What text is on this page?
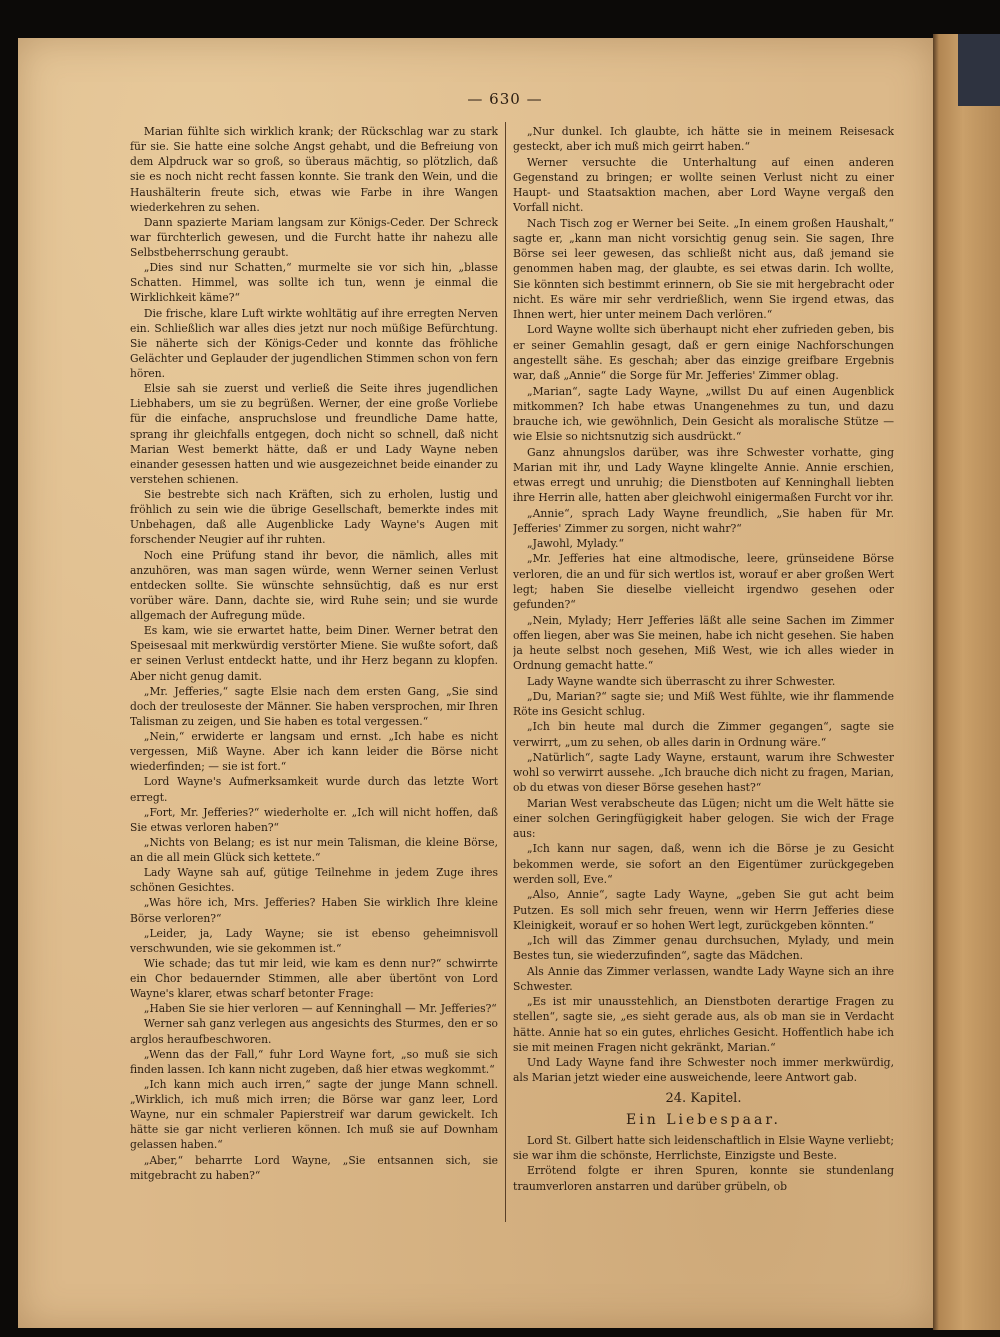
— 630 —

Marian fühlte sich wirklich krank; der Rückschlag war zu stark für sie. Sie hatte eine solche Angst gehabt, und die Befreiung von dem Alpdruck war so groß, so überaus mächtig, so plötzlich, daß sie es noch nicht recht fassen konnte. Sie trank den Wein, und die Haushälterin freute sich, etwas wie Farbe in ihre Wangen wiederkehren zu sehen.

Dann spazierte Mariam langsam zur Königs-Ceder. Der Schreck war fürchterlich gewesen, und die Furcht hatte ihr nahezu alle Selbstbeherrschung geraubt.

„Dies sind nur Schatten,“ murmelte sie vor sich hin, „blasse Schatten. Himmel, was sollte ich tun, wenn je einmal die Wirklichkeit käme?“

Die frische, klare Luft wirkte wohltätig auf ihre erregten Nerven ein. Schließlich war alles dies jetzt nur noch müßige Befürchtung. Sie näherte sich der Königs-Ceder und konnte das fröhliche Gelächter und Geplauder der jugendlichen Stimmen schon von fern hören.

Elsie sah sie zuerst und verließ die Seite ihres jugendlichen Liebhabers, um sie zu begrüßen. Werner, der eine große Vorliebe für die einfache, anspruchslose und freundliche Dame hatte, sprang ihr gleichfalls entgegen, doch nicht so schnell, daß nicht Marian West bemerkt hätte, daß er und Lady Wayne neben einander gesessen hatten und wie ausgezeichnet beide einander zu verstehen schienen.

Sie bestrebte sich nach Kräften, sich zu erholen, lustig und fröhlich zu sein wie die übrige Gesellschaft, bemerkte indes mit Unbehagen, daß alle Augenblicke Lady Wayne's Augen mit forschender Neugier auf ihr ruhten.

Noch eine Prüfung stand ihr bevor, die nämlich, alles mit anzuhören, was man sagen würde, wenn Werner seinen Verlust entdecken sollte. Sie wünschte sehnsüchtig, daß es nur erst vorüber wäre. Dann, dachte sie, wird Ruhe sein; und sie wurde allgemach der Aufregung müde.

Es kam, wie sie erwartet hatte, beim Diner. Werner betrat den Speisesaal mit merkwürdig verstörter Miene. Sie wußte sofort, daß er seinen Verlust entdeckt hatte, und ihr Herz begann zu klopfen. Aber nicht genug damit.

„Mr. Jefferies,“ sagte Elsie nach dem ersten Gang, „Sie sind doch der treuloseste der Männer. Sie haben versprochen, mir Ihren Talisman zu zeigen, und Sie haben es total vergessen.“

„Nein,“ erwiderte er langsam und ernst. „Ich habe es nicht vergessen, Miß Wayne. Aber ich kann leider die Börse nicht wiederfinden; — sie ist fort.“

Lord Wayne's Aufmerksamkeit wurde durch das letzte Wort erregt.

„Fort, Mr. Jefferies?“ wiederholte er. „Ich will nicht hoffen, daß Sie etwas verloren haben?“

„Nichts von Belang; es ist nur mein Talisman, die kleine Börse, an die all mein Glück sich kettete.“

Lady Wayne sah auf, gütige Teilnehme in jedem Zuge ihres schönen Gesichtes.

„Was höre ich, Mrs. Jefferies? Haben Sie wirklich Ihre kleine Börse verloren?“

„Leider, ja, Lady Wayne; sie ist ebenso geheimnisvoll verschwunden, wie sie gekommen ist.“

Wie schade; das tut mir leid, wie kam es denn nur?“ schwirrte ein Chor bedauernder Stimmen, alle aber übertönt von Lord Wayne's klarer, etwas scharf betonter Frage:

„Haben Sie sie hier verloren — auf Kenninghall — Mr. Jefferies?“

Werner sah ganz verlegen aus angesichts des Sturmes, den er so arglos heraufbeschworen.

„Wenn das der Fall,“ fuhr Lord Wayne fort, „so muß sie sich finden lassen. Ich kann nicht zugeben, daß hier etwas wegkommt.“

„Ich kann mich auch irren,“ sagte der junge Mann schnell. „Wirklich, ich muß mich irren; die Börse war ganz leer, Lord Wayne, nur ein schmaler Papierstreif war darum gewickelt. Ich hätte sie gar nicht verlieren können. Ich muß sie auf Downham gelassen haben.“

„Aber,“ beharrte Lord Wayne, „Sie entsannen sich, sie mitgebracht zu haben?“

„Nur dunkel. Ich glaubte, ich hätte sie in meinem Reisesack gesteckt, aber ich muß mich geirrt haben.“

Werner versuchte die Unterhaltung auf einen anderen Gegenstand zu bringen; er wollte seinen Verlust nicht zu einer Haupt- und Staatsaktion machen, aber Lord Wayne vergaß den Vorfall nicht.

Nach Tisch zog er Werner bei Seite. „In einem großen Haushalt,“ sagte er, „kann man nicht vorsichtig genug sein. Sie sagen, Ihre Börse sei leer gewesen, das schließt nicht aus, daß jemand sie genommen haben mag, der glaubte, es sei etwas darin. Ich wollte, Sie könnten sich bestimmt erinnern, ob Sie sie mit hergebracht oder nicht. Es wäre mir sehr verdrießlich, wenn Sie irgend etwas, das Ihnen wert, hier unter meinem Dach verlören.“

Lord Wayne wollte sich überhaupt nicht eher zufrieden geben, bis er seiner Gemahlin gesagt, daß er gern einige Nachforschungen angestellt sähe. Es geschah; aber das einzige greifbare Ergebnis war, daß „Annie“ die Sorge für Mr. Jefferies' Zimmer oblag.

„Marian“, sagte Lady Wayne, „willst Du auf einen Augenblick mitkommen? Ich habe etwas Unangenehmes zu tun, und dazu brauche ich, wie gewöhnlich, Dein Gesicht als moralische Stütze — wie Elsie so nichtsnutzig sich ausdrückt.“

Ganz ahnungslos darüber, was ihre Schwester vorhatte, ging Marian mit ihr, und Lady Wayne klingelte Annie. Annie erschien, etwas erregt und unruhig; die Dienstboten auf Kenninghall liebten ihre Herrin alle, hatten aber gleichwohl einigermaßen Furcht vor ihr.

„Annie“, sprach Lady Wayne freundlich, „Sie haben für Mr. Jefferies' Zimmer zu sorgen, nicht wahr?“

„Jawohl, Mylady.“

„Mr. Jefferies hat eine altmodische, leere, grünseidene Börse verloren, die an und für sich wertlos ist, worauf er aber großen Wert legt; haben Sie dieselbe vielleicht irgendwo gesehen oder gefunden?“

„Nein, Mylady; Herr Jefferies läßt alle seine Sachen im Zimmer offen liegen, aber was Sie meinen, habe ich nicht gesehen. Sie haben ja heute selbst noch gesehen, Miß West, wie ich alles wieder in Ordnung gemacht hatte.“

Lady Wayne wandte sich überrascht zu ihrer Schwester.

„Du, Marian?“ sagte sie; und Miß West fühlte, wie ihr flammende Röte ins Gesicht schlug.

„Ich bin heute mal durch die Zimmer gegangen“, sagte sie verwirrt, „um zu sehen, ob alles darin in Ordnung wäre.“

„Natürlich“, sagte Lady Wayne, erstaunt, warum ihre Schwester wohl so verwirrt aussehe. „Ich brauche dich nicht zu fragen, Marian, ob du etwas von dieser Börse gesehen hast?“

Marian West verabscheute das Lügen; nicht um die Welt hätte sie einer solchen Geringfügigkeit haber gelogen. Sie wich der Frage aus:

„Ich kann nur sagen, daß, wenn ich die Börse je zu Gesicht bekommen werde, sie sofort an den Eigentümer zurückgegeben werden soll, Eve.“

„Also, Annie“, sagte Lady Wayne, „geben Sie gut acht beim Putzen. Es soll mich sehr freuen, wenn wir Herrn Jefferies diese Kleinigkeit, worauf er so hohen Wert legt, zurückgeben könnten.“

„Ich will das Zimmer genau durchsuchen, Mylady, und mein Bestes tun, sie wiederzufinden“, sagte das Mädchen.

Als Annie das Zimmer verlassen, wandte Lady Wayne sich an ihre Schwester.

„Es ist mir unausstehlich, an Dienstboten derartige Fragen zu stellen“, sagte sie, „es sieht gerade aus, als ob man sie in Verdacht hätte. Annie hat so ein gutes, ehrliches Gesicht. Hoffentlich habe ich sie mit meinen Fragen nicht gekränkt, Marian.“

Und Lady Wayne fand ihre Schwester noch immer merkwürdig, als Marian jetzt wieder eine ausweichende, leere Antwort gab.

24. Kapitel.
Ein Liebespaar.

Lord St. Gilbert hatte sich leidenschaftlich in Elsie Wayne verliebt; sie war ihm die schönste, Herrlichste, Einzigste und Beste.

Errötend folgte er ihren Spuren, konnte sie stundenlang traumverloren anstarren und darüber grübeln, ob
